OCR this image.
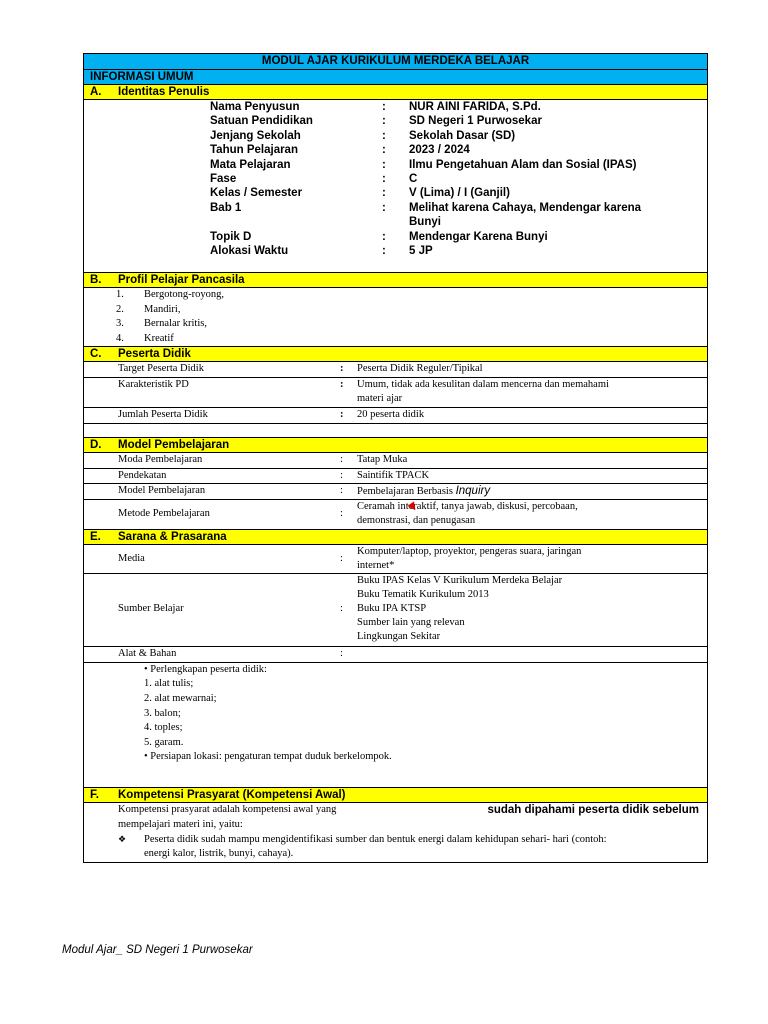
MODUL AJAR KURIKULUM MERDEKA BELAJAR
INFORMASI UMUM
A. Identitas Penulis
Nama Penyusun	: NUR AINI FARIDA, S.Pd.
Satuan Pendidikan	: SD Negeri 1 Purwosekar
Jenjang Sekolah	: Sekolah Dasar (SD)
Tahun Pelajaran	: 2023 / 2024
Mata Pelajaran	: Ilmu Pengetahuan Alam dan Sosial (IPAS)
Fase	: C
Kelas / Semester	: V (Lima) / I (Ganjil)
Bab 1	: Melihat karena Cahaya, Mendengar karena
Bunyi
Topik D	: Mendengar Karena Bunyi
Alokasi Waktu	: 5 JP
B. Profil Pelajar Pancasila
1. Bergotong-royong,
2. Mandiri,
3. Bernalar kritis,
4. Kreatif
C. Peserta Didik
Target Peserta Didik	: Peserta Didik Reguler/Tipikal
Karakteristik PD	: Umum, tidak ada kesulitan dalam mencerna dan memahami
materi ajar
Jumlah Peserta Didik	: 20 peserta didik
D. Model Pembelajaran
Moda Pembelajaran	: Tatap Muka
Pendekatan	: Saintifik TPACK
Model Pembelajaran	: Pembelajaran Berbasis Inquiry
Metode Pembelajaran	:
Ceramah interaktif, tanya jawab, diskusi, percobaan,
demonstrasi, dan penugasan
E. Sarana & Prasarana
Media	:
Komputer/laptop, proyektor, pengeras suara, jaringan
internet*
Sumber Belajar	:
Buku IPAS Kelas V Kurikulum Merdeka Belajar
Buku Tematik Kurikulum 2013
Buku IPA KTSP
Sumber lain yang relevan
Lingkungan Sekitar
Alat & Bahan	:
• Perlengkapan peserta didik:
1. alat tulis;
2. alat mewarnai;
3. balon;
4. toples;
5. garam.
• Persiapan lokasi: pengaturan tempat duduk berkelompok.
F. Kompetensi Prasyarat (Kompetensi Awal)
Kompetensi prasyarat adalah kompetensi awal yang	sudah dipahami peserta didik sebelum
mempelajari materi ini, yaitu:
❖ Peserta didik sudah mampu mengidentifikasi sumber dan bentuk energi dalam kehidupan sehari- hari (contoh:
energi kalor, listrik, bunyi, cahaya).
Modul Ajar_ SD Negeri 1 Purwosekar
